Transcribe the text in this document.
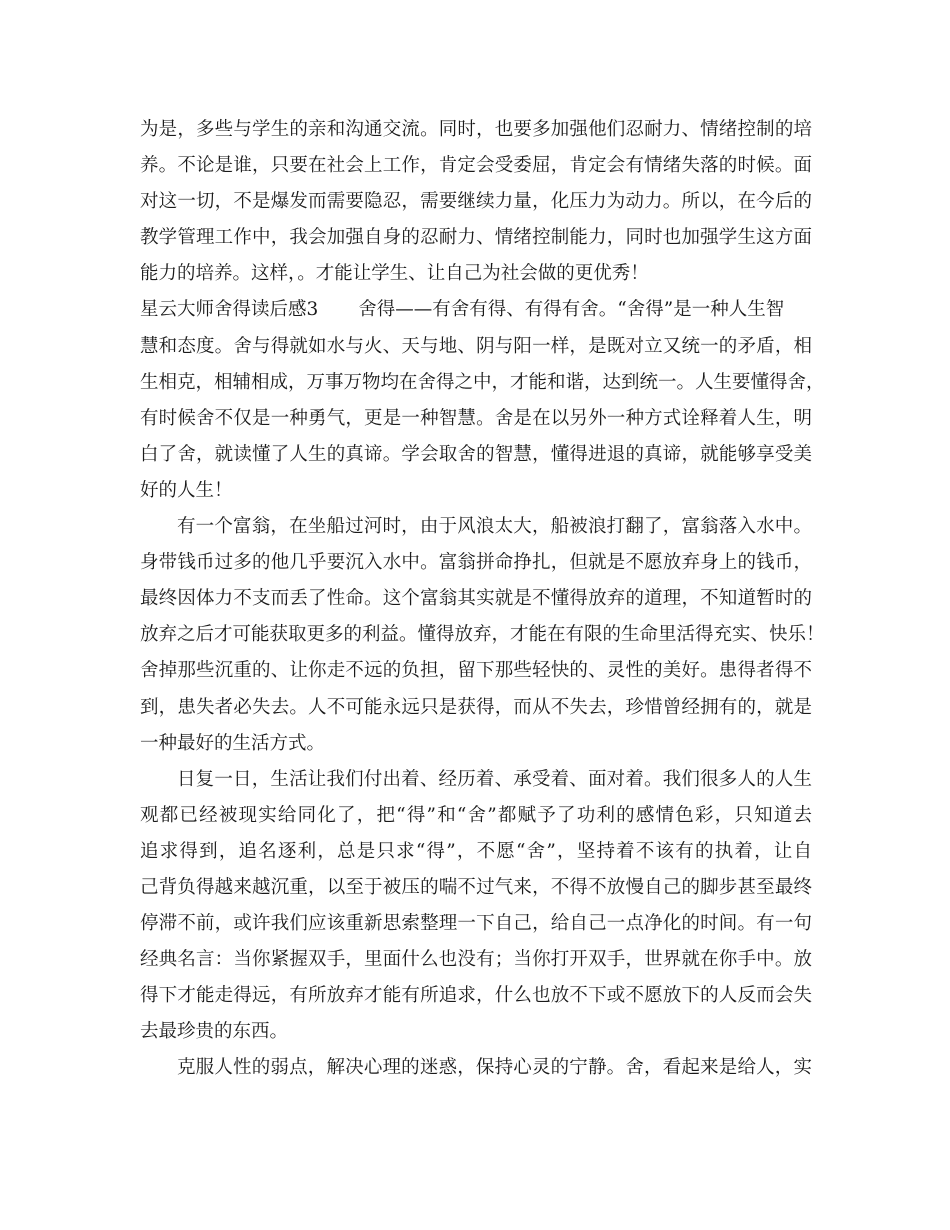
为是，多些与学生的亲和沟通交流。同时，也要多加强他们忍耐力、情绪控制的培
养。不论是谁，只要在社会上工作，肯定会受委屈，肯定会有情绪失落的时候。面
对这一切，不是爆发而需要隐忍，需要继续力量，化压力为动力。所以，在今后的
教学管理工作中，我会加强自身的忍耐力、情绪控制能力，同时也加强学生这方面
能力的培养。这样，。才能让学生、让自己为社会做的更优秀！

星云大师舍得读后感3 舍得——有舍有得、有得有舍。“舍得”是一种人生智
慧和态度。舍与得就如水与火、天与地、阴与阳一样，是既对立又统一的矛盾，相
生相克，相辅相成，万事万物均在舍得之中，才能和谐，达到统一。人生要懂得舍，
有时候舍不仅是一种勇气，更是一种智慧。舍是在以另外一种方式诠释着人生，明
白了舍，就读懂了人生的真谛。学会取舍的智慧，懂得进退的真谛，就能够享受美
好的人生！

有一个富翁，在坐船过河时，由于风浪太大，船被浪打翻了，富翁落入水中。
身带钱币过多的他几乎要沉入水中。富翁拼命挣扎，但就是不愿放弃身上的钱币，
最终因体力不支而丢了性命。这个富翁其实就是不懂得放弃的道理，不知道暂时的
放弃之后才可能获取更多的利益。懂得放弃，才能在有限的生命里活得充实、快乐！
舍掉那些沉重的、让你走不远的负担，留下那些轻快的、灵性的美好。患得者得不
到，患失者必失去。人不可能永远只是获得，而从不失去，珍惜曾经拥有的，就是
一种最好的生活方式。

日复一日，生活让我们付出着、经历着、承受着、面对着。我们很多人的人生
观都已经被现实给同化了，把“得”和“舍”都赋予了功利的感情色彩，只知道去
追求得到，追名逐利，总是只求“得”，不愿“舍”，坚持着不该有的执着，让自
己背负得越来越沉重，以至于被压的喘不过气来，不得不放慢自己的脚步甚至最终
停滞不前，或许我们应该重新思索整理一下自己，给自己一点净化的时间。有一句
经典名言：当你紧握双手，里面什么也没有；当你打开双手，世界就在你手中。放
得下才能走得远，有所放弃才能有所追求，什么也放不下或不愿放下的人反而会失
去最珍贵的东西。

克服人性的弱点，解决心理的迷惑，保持心灵的宁静。舍，看起来是给人，实
